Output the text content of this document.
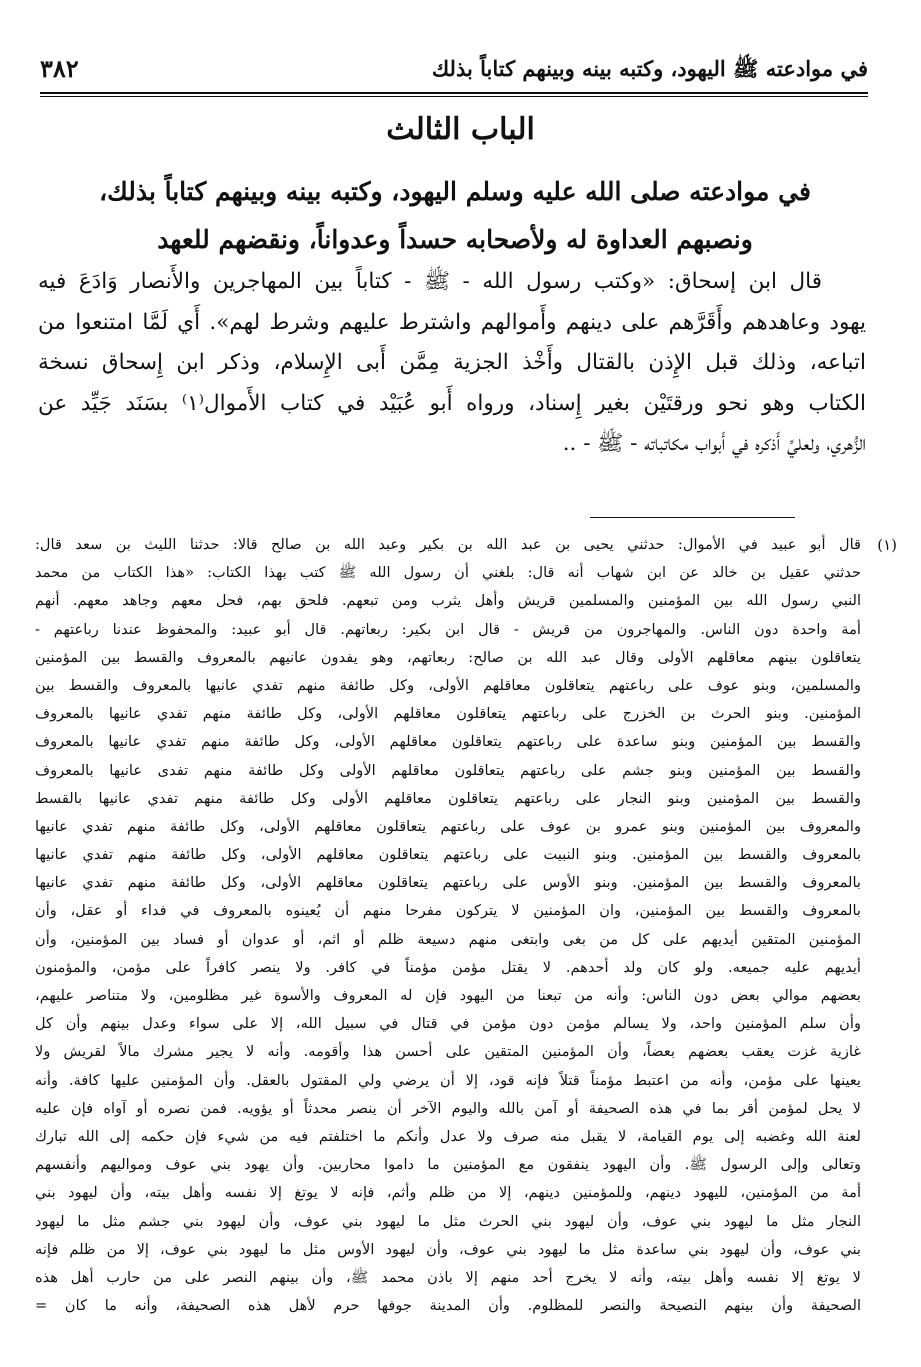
في موادعته ﷺ اليهود، وكتبه بينه وبينهم كتاباً بذلك
٣٨٢
الباب الثالث
في موادعته صلى الله عليه وسلم اليهود، وكتبه بينه وبينهم كتاباً بذلك،
ونصبهم العداوة له ولأصحابه حسداً وعدواناً، ونقضهم للعهد
قال ابن إسحاق: «وكتب رسول الله - ﷺ - كتاباً بين المهاجرين والأَنصار وَادَعَ فيه
يهود وعاهدهم وأَقَرَّهم على دينهم وأَموالهم واشترط عليهم وشرط لهم». أَي لَمَّا امتنعوا من
اتباعه، وذلك قبل الإِذن بالقتال وأَخْذ الجزية مِمَّن أَبى الإِسلام، وذكر ابن إِسحاق نسخة
الكتاب وهو نحو ورقتَيْن بغير إِسناد، ورواه أَبو عُبَيْد في كتاب الأَموال⁽١⁾ بسَنَد جَيِّد عن
الزُّهري، ولعليِّ أَذكره في أَبواب مكاتباته - ﷺ - ..
(١)
قال أبو عبيد في الأموال: حدثني يحيى بن عبد الله بن بكير وعبد الله بن صالح قالا: حدثنا الليث بن سعد قال:
حدثني عقيل بن خالد عن ابن شهاب أنه قال: بلغني أن رسول الله ﷺ كتب بهذا الكتاب: «هذا الكتاب من محمد
النبي رسول الله بين المؤمنين والمسلمين قريش وأهل يثرب ومن تبعهم. فلحق بهم، فحل معهم وجاهد معهم. أنهم
أمة واحدة دون الناس. والمهاجرون من قريش - قال ابن بكير: ربعاتهم. قال أبو عبيد: والمحفوظ عندنا رباعتهم -
يتعاقلون بينهم معاقلهم الأولى وقال عبد الله بن صالح: ربعاتهم، وهو يفدون عانيهم بالمعروف والقسط بين المؤمنين
والمسلمين، وبنو عوف على رباعتهم يتعاقلون معاقلهم الأولى، وكل طائفة منهم تفدي عانيها بالمعروف والقسط بين
المؤمنين. وبنو الحرث بن الخزرج على رباعتهم يتعاقلون معاقلهم الأولى، وكل طائفة منهم تفدي عانيها بالمعروف
والقسط بين المؤمنين وبنو ساعدة على رباعتهم يتعاقلون معاقلهم الأولى، وكل طائفة منهم تفدي عانيها بالمعروف
والقسط بين المؤمنين وبنو جشم على رباعتهم يتعاقلون معاقلهم الأولى وكل طائفة منهم تفدى عانيها بالمعروف
والقسط بين المؤمنين وبنو النجار على رباعتهم يتعاقلون معاقلهم الأولى وكل طائفة منهم تفدي عانيها بالقسط
والمعروف بين المؤمنين وبنو عمرو بن عوف على رباعتهم يتعاقلون معاقلهم الأولى، وكل طائفة منهم تفدي عانيها
بالمعروف والقسط بين المؤمنين. وبنو النبيت على رباعتهم يتعاقلون معاقلهم الأولى، وكل طائفة منهم تفدي عانيها
بالمعروف والقسط بين المؤمنين. وبنو الأوس على رباعتهم يتعاقلون معاقلهم الأولى، وكل طائفة منهم تفدي عانيها
بالمعروف والقسط بين المؤمنين، وان المؤمنين لا يتركون مفرحا منهم أن يُعينوه بالمعروف في فداء أو عقل، وأن
المؤمنين المتقين أيديهم على كل من بغى وابتغى منهم دسيعة ظلم أو اثم، أو عدوان أو فساد بين المؤمنين، وأن
أيديهم عليه جميعه. ولو كان ولد أحدهم. لا يقتل مؤمن مؤمناً في كافر. ولا ينصر كافراً على مؤمن، والمؤمنون
بعضهم موالي بعض دون الناس: وأنه من تبعنا من اليهود فإن له المعروف والأسوة غير مظلومين، ولا متناصر عليهم،
وأن سلم المؤمنين واحد، ولا يسالم مؤمن دون مؤمن في قتال في سبيل الله، إلا على سواء وعدل بينهم وأن كل
غازية غزت يعقب بعضهم بعضاً، وأن المؤمنين المتقين على أحسن هذا وأقومه. وأنه لا يجير مشرك مالاً لقريش ولا
يعينها على مؤمن، وأنه من اعتبط مؤمناً قتلاً فإنه قود، إلا أن يرضي ولي المقتول بالعقل. وأن المؤمنين عليها كافة. وأنه
لا يحل لمؤمن أقر بما في هذه الصحيفة أو آمن بالله واليوم الآخر أن ينصر محدثاً أو يؤويه. فمن نصره أو آواه فإن عليه
لعنة الله وغضبه إلى يوم القيامة، لا يقبل منه صرف ولا عدل وأنكم ما اختلفتم فيه من شيء فإن حكمه إلى الله تبارك
وتعالى وإلى الرسول ﷺ. وأن اليهود ينفقون مع المؤمنين ما داموا محاربين. وأن يهود بني عوف ومواليهم وأنفسهم
أمة من المؤمنين، لليهود دينهم، وللمؤمنين دينهم، إلا من ظلم وأثم، فإنه لا يوتغ إلا نفسه وأهل بيته، وأن ليهود بني
النجار مثل ما ليهود بني عوف، وأن ليهود بني الحرث مثل ما ليهود بني عوف، وأن ليهود بني جشم مثل ما ليهود
بني عوف، وأن ليهود بني ساعدة مثل ما ليهود بني عوف، وأن ليهود الأوس مثل ما ليهود بني عوف، إلا من ظلم فإنه
لا يوتغ إلا نفسه وأهل بيته، وأنه لا يخرج أحد منهم إلا باذن محمد ﷺ، وأن بينهم النصر على من حارب أهل هذه
الصحيفة وأن بينهم النصيحة والنصر للمظلوم. وأن المدينة جوفها حرم لأهل هذه الصحيفة، وأنه ما كان =
